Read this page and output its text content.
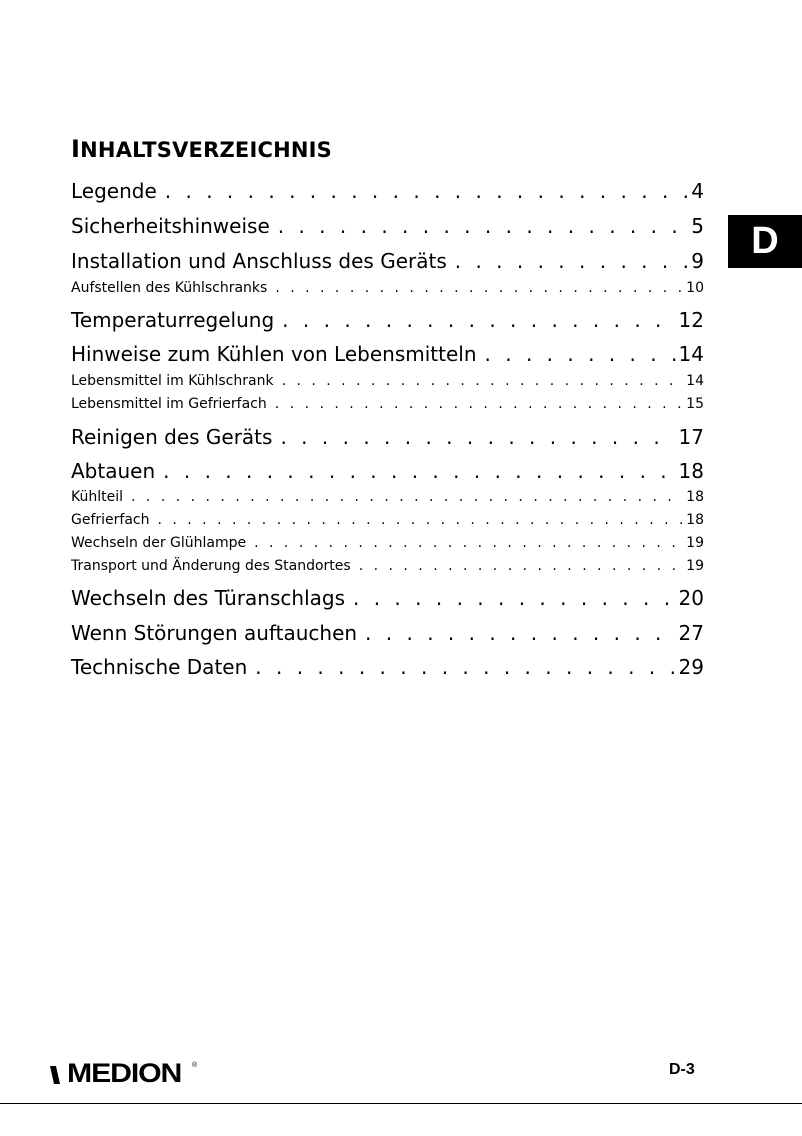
INHALTSVERZEICHNIS
D
Legende . . .	4
Sicherheitshinweise . . .	5
Installation und Anschluss des Geräts . . .	9
Aufstellen des Kühlschranks . . .	10
Temperaturregelung . . .	12
Hinweise zum Kühlen von Lebensmitteln . . .	14
Lebensmittel im Kühlschrank . . .	14
Lebensmittel im Gefrierfach . . .	15
Reinigen des Geräts . . .	17
Abtauen . . .	18
Kühlteil . . .	18
Gefrierfach . . .	18
Wechseln der Glühlampe . . .	19
Transport und Änderung des Standortes . . .	19
Wechseln des Türanschlags . . .	20
Wenn Störungen auftauchen . . .	27
Technische Daten . . .	29
MEDION ®	D-3
